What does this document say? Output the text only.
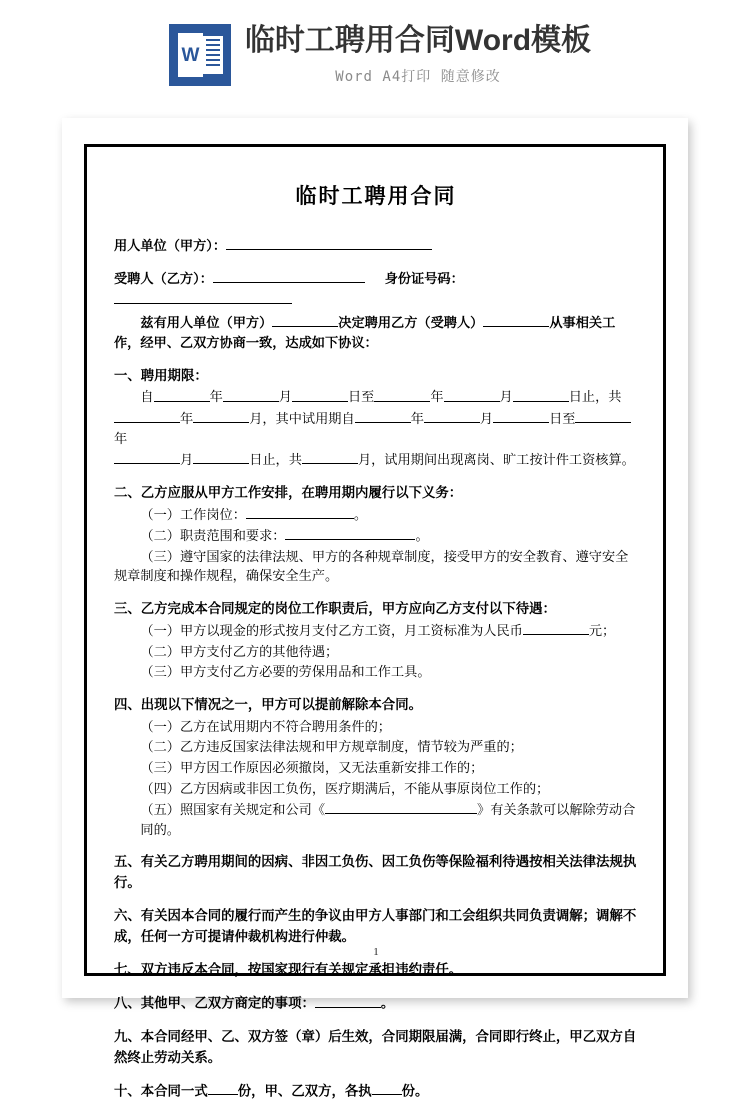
W 临时工聘用合同Word模板
Word A4打印 随意修改
临时工聘用合同

用人单位（甲方）：

受聘人（乙方）：	身份证号码：

兹有用人单位（甲方）	决定聘用乙方（受聘人）	从事相关工作，经甲、乙双方协商一致，达成如下协议：

一、聘用期限：

自	年	月	日至	年	月	日止，共

年	月，其中试用期自	年	月	日至年

月	日止，共	月，试用期间出现离岗、旷工按计件工资核算。

二、乙方应服从甲方工作安排，在聘用期内履行以下义务：

（一）工作岗位：	。

（二）职责范围和要求：	。

（三）遵守国家的法律法规、甲方的各种规章制度，接受甲方的安全教育、遵守安全规章制度和操作规程，确保安全生产。

三、乙方完成本合同规定的岗位工作职责后，甲方应向乙方支付以下待遇：

（一）甲方以现金的形式按月支付乙方工资，月工资标准为人民币	元；

（二）甲方支付乙方的其他待遇；

（三）甲方支付乙方必要的劳保用品和工作工具。

四、出现以下情况之一，甲方可以提前解除本合同。

（一）乙方在试用期内不符合聘用条件的；

（二）乙方违反国家法律法规和甲方规章制度，情节较为严重的；

（三）甲方因工作原因必须撤岗，又无法重新安排工作的；

（四）乙方因病或非因工负伤，医疗期满后，不能从事原岗位工作的；

（五）照国家有关规定和公司《	》有关条款可以解除劳动合同的。

五、有关乙方聘用期间的因病、非因工负伤、因工负伤等保险福利待遇按相关法律法规执行。

六、有关因本合同的履行而产生的争议由甲方人事部门和工会组织共同负责调解；调解不成，任何一方可提请仲裁机构进行仲裁。

七、双方违反本合同，按国家现行有关规定承担违约责任。

八、其他甲、乙双方商定的事项：	。

九、本合同经甲、乙、双方签（章）后生效，合同期限届满，合同即行终止，甲乙双方自然终止劳动关系。

十、本合同一式 份，甲、乙双方，各执 份。

1
